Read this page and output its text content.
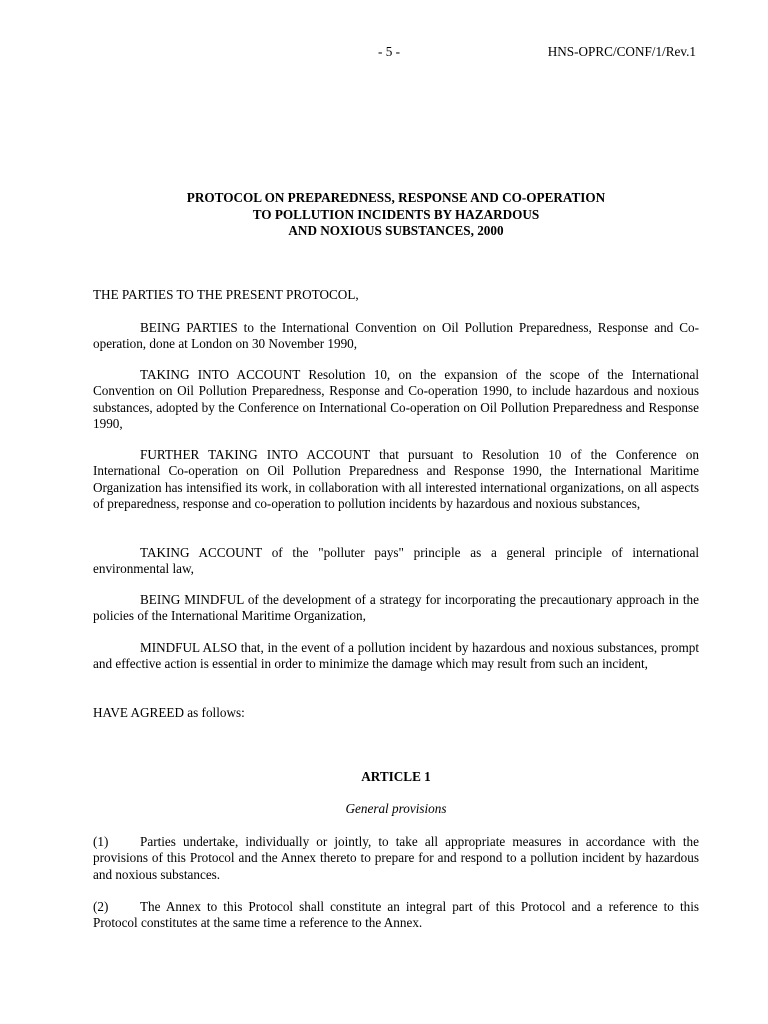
- 5 -	HNS-OPRC/CONF/1/Rev.1
PROTOCOL ON PREPAREDNESS, RESPONSE AND CO-OPERATION
TO POLLUTION INCIDENTS BY HAZARDOUS
AND NOXIOUS SUBSTANCES, 2000

THE PARTIES TO THE PRESENT PROTOCOL,

BEING PARTIES to the International Convention on Oil Pollution Preparedness, Response and Co-operation, done at London on 30 November 1990,

TAKING INTO ACCOUNT Resolution 10, on the expansion of the scope of the International Convention on Oil Pollution Preparedness, Response and Co-operation 1990, to include hazardous and noxious substances, adopted by the Conference on International Co-operation on Oil Pollution Preparedness and Response 1990,

FURTHER TAKING INTO ACCOUNT that pursuant to Resolution 10 of the Conference on International Co-operation on Oil Pollution Preparedness and Response 1990, the International Maritime Organization has intensified its work, in collaboration with all interested international organizations, on all aspects of preparedness, response and co-operation to pollution incidents by hazardous and noxious substances,

TAKING ACCOUNT of the "polluter pays" principle as a general principle of international environmental law,

BEING MINDFUL of the development of a strategy for incorporating the precautionary approach in the policies of the International Maritime Organization,

MINDFUL ALSO that, in the event of a pollution incident by hazardous and noxious substances, prompt and effective action is essential in order to minimize the damage which may result from such an incident,

HAVE AGREED as follows:

ARTICLE 1
General provisions

(1) Parties undertake, individually or jointly, to take all appropriate measures in accordance with the provisions of this Protocol and the Annex thereto to prepare for and respond to a pollution incident by hazardous and noxious substances.

(2) The Annex to this Protocol shall constitute an integral part of this Protocol and a reference to this Protocol constitutes at the same time a reference to the Annex.
